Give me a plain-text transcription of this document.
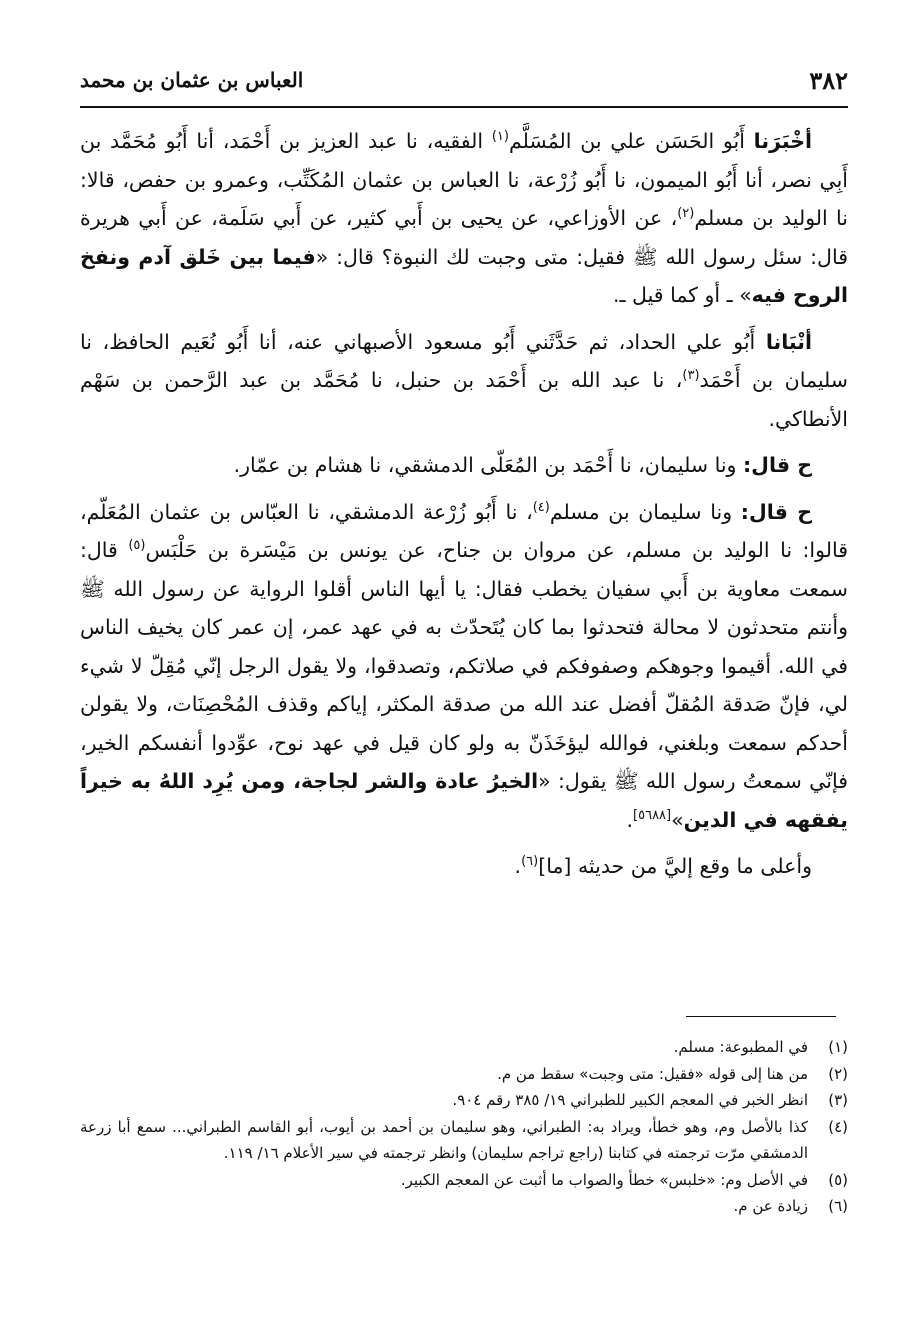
٣٨٢
العباس بن عثمان بن محمد

أخْبَرَنا أَبُو الحَسَن علي بن المُسَلَّم$^{(١)}$ الفقيه، نا عبد العزيز بن أَحْمَد، أنا أَبُو مُحَمَّد بن أَبِي نصر، أنا أَبُو الميمون، نا أَبُو زُرْعة، نا العباس بن عثمان المُكَتِّب، وعمرو بن حفص، قالا: نا الوليد بن مسلم$^{(٢)}$، عن الأوزاعي، عن يحيى بن أَبي كثير، عن أَبي سَلَمة، عن أَبي هريرة قال: سئل رسول الله ﷺ فقيل: متى وجبت لك النبوة؟ قال: «فيما بين خَلق آدم ونفخ الروح فيه» ـ أو كما قيل ـ.

أنْبَانا أَبُو علي الحداد، ثم حَدَّثَني أَبُو مسعود الأصبهاني عنه، أنا أَبُو نُعَيم الحافظ، نا سليمان بن أَحْمَد$^{(٣)}$، نا عبد الله بن أَحْمَد بن حنبل، نا مُحَمَّد بن عبد الرَّحمن بن سَهْم الأنطاكي.

ح قال: ونا سليمان، نا أَحْمَد بن المُعَلّى الدمشقي، نا هشام بن عمّار.

ح قال: ونا سليمان بن مسلم$^{(٤)}$، نا أَبُو زُرْعة الدمشقي، نا العبّاس بن عثمان المُعَلّم، قالوا: نا الوليد بن مسلم، عن مروان بن جناح، عن يونس بن مَيْسَرة بن حَلْبَس$^{(٥)}$ قال: سمعت معاوية بن أَبي سفيان يخطب فقال: يا أيها الناس أقلوا الرواية عن رسول الله ﷺ وأنتم متحدثون لا محالة فتحدثوا بما كان يُتَحدّث به في عهد عمر، إن عمر كان يخيف الناس في الله. أقيموا وجوهكم وصفوفكم في صلاتكم، وتصدقوا، ولا يقول الرجل إنّي مُقِلّ لا شيء لي، فإنّ صَدقة المُقلّ أفضل عند الله من صدقة المكثر، إياكم وقذف المُحْصِنَات، ولا يقولن أحدكم سمعت وبلغني، فوالله ليؤخَذَنّ به ولو كان قيل في عهد نوح، عوِّدوا أنفسكم الخير، فإنّي سمعتُ رسول الله ﷺ يقول: «الخيرُ عادة والشر لجاجة، ومن يُرِد اللهُ به خيراً يفقهه في الدين»[٥٦٨٨].

وأعلى ما وقع إليَّ من حديثه [ما]$^{(٦)}$.

(١)
في المطبوعة: مسلم.
(٢)
من هنا إلى قوله «فقيل: متى وجبت» سقط من م.
(٣)
انظر الخبر في المعجم الكبير للطبراني ١٩/ ٣٨٥ رقم ٩٠٤.
(٤)
كذا بالأصل وم، وهو خطأ، ويراد به: الطبراني، وهو سليمان بن أحمد بن أيوب، أبو القاسم الطبراني... سمع أبا زرعة الدمشقي مرّت ترجمته في كتابنا (راجع تراجم سليمان) وانظر ترجمته في سير الأعلام ١٦/ ١١٩.
(٥)
في الأصل وم: «خلبس» خطأ والصواب ما أثبت عن المعجم الكبير.
(٦)
زيادة عن م.
